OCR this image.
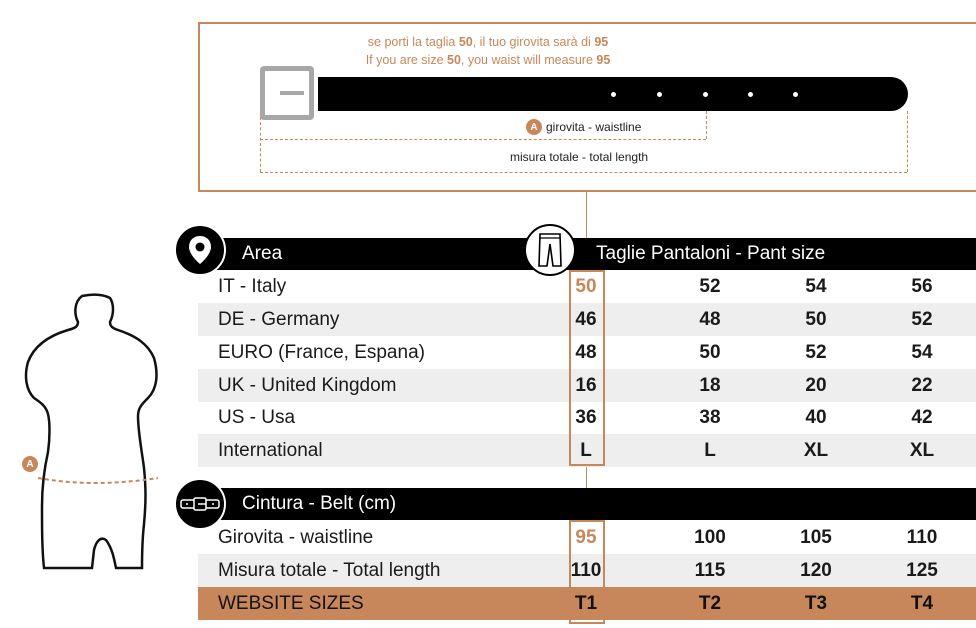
se porti la taglia 50, il tuo girovita sarà di 95
If you are size 50, you waist will measure 95
A girovita - waistline
misura totale - total length
Area	Taglie Pantaloni - Pant size
IT - Italy	50	52	54	56
DE - Germany	46	48	50	52
EURO (France, Espana)	48	50	52	54
UK - United Kingdom	16	18	20	22
US - Usa	36	38	40	42
International	L	L	XL	XL
Cintura - Belt (cm)
Girovita - waistline	95	100	105	110
Misura totale - Total length	110	115	120	125
WEBSITE SIZES	T1	T2	T3	T4
A
